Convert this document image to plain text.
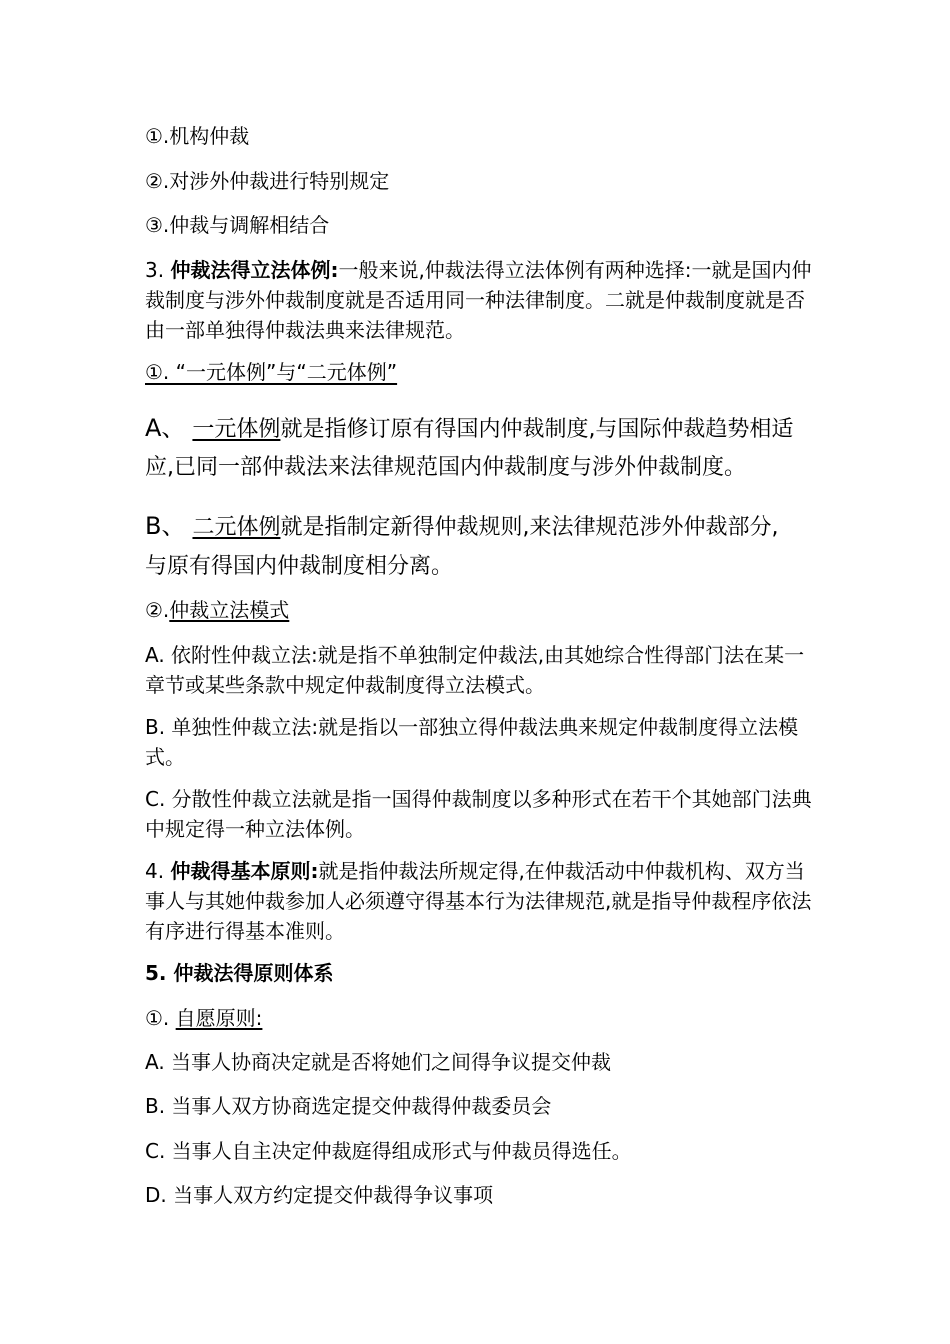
①.机构仲裁

②.对涉外仲裁进行特别规定

③.仲裁与调解相结合

3. 仲裁法得立法体例:一般来说,仲裁法得立法体例有两种选择:一就是国内仲裁制度与涉外仲裁制度就是否适用同一种法律制度。二就是仲裁制度就是否由一部单独得仲裁法典来法律规范。

①. “一元体例”与“二元体例”

A、 一元体例就是指修订原有得国内仲裁制度,与国际仲裁趋势相适应,已同一部仲裁法来法律规范国内仲裁制度与涉外仲裁制度。

B、 二元体例就是指制定新得仲裁规则,来法律规范涉外仲裁部分,

与原有得国内仲裁制度相分离。

②.仲裁立法模式

A. 依附性仲裁立法:就是指不单独制定仲裁法,由其她综合性得部门法在某一章节或某些条款中规定仲裁制度得立法模式。

B. 单独性仲裁立法:就是指以一部独立得仲裁法典来规定仲裁制度得立法模式。

C. 分散性仲裁立法就是指一国得仲裁制度以多种形式在若干个其她部门法典中规定得一种立法体例。

4. 仲裁得基本原则:就是指仲裁法所规定得,在仲裁活动中仲裁机构、双方当事人与其她仲裁参加人必须遵守得基本行为法律规范,就是指导仲裁程序依法有序进行得基本准则。

5. 仲裁法得原则体系

①. 自愿原则:

A. 当事人协商决定就是否将她们之间得争议提交仲裁

B. 当事人双方协商选定提交仲裁得仲裁委员会

C. 当事人自主决定仲裁庭得组成形式与仲裁员得选任。

D. 当事人双方约定提交仲裁得争议事项
